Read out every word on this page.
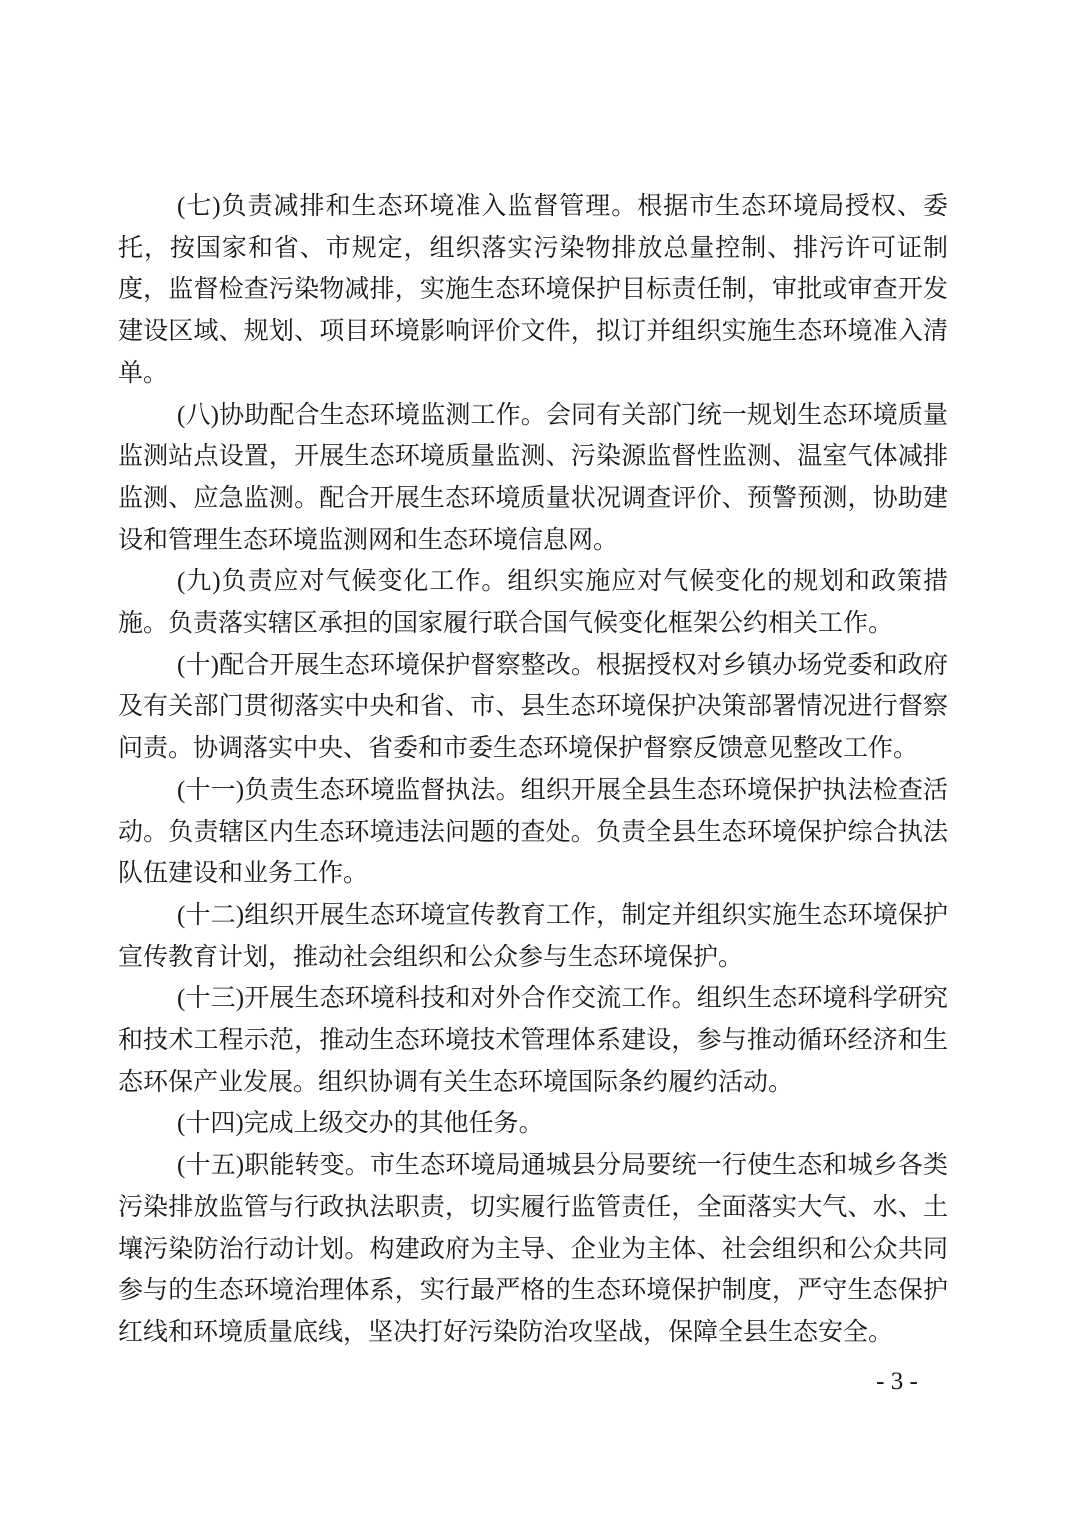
(七)负责减排和生态环境准入监督管理。根据市生态环境局授权、委托，按国家和省、市规定，组织落实污染物排放总量控制、排污许可证制度，监督检查污染物减排，实施生态环境保护目标责任制，审批或审查开发建设区域、规划、项目环境影响评价文件，拟订并组织实施生态环境准入清单。

(八)协助配合生态环境监测工作。会同有关部门统一规划生态环境质量监测站点设置，开展生态环境质量监测、污染源监督性监测、温室气体减排监测、应急监测。配合开展生态环境质量状况调查评价、预警预测，协助建设和管理生态环境监测网和生态环境信息网。

(九)负责应对气候变化工作。组织实施应对气候变化的规划和政策措施。负责落实辖区承担的国家履行联合国气候变化框架公约相关工作。

(十)配合开展生态环境保护督察整改。根据授权对乡镇办场党委和政府及有关部门贯彻落实中央和省、市、县生态环境保护决策部署情况进行督察问责。协调落实中央、省委和市委生态环境保护督察反馈意见整改工作。

(十一)负责生态环境监督执法。组织开展全县生态环境保护执法检查活动。负责辖区内生态环境违法问题的查处。负责全县生态环境保护综合执法队伍建设和业务工作。

(十二)组织开展生态环境宣传教育工作，制定并组织实施生态环境保护宣传教育计划，推动社会组织和公众参与生态环境保护。

(十三)开展生态环境科技和对外合作交流工作。组织生态环境科学研究和技术工程示范，推动生态环境技术管理体系建设，参与推动循环经济和生态环保产业发展。组织协调有关生态环境国际条约履约活动。

(十四)完成上级交办的其他任务。

(十五)职能转变。市生态环境局通城县分局要统一行使生态和城乡各类污染排放监管与行政执法职责，切实履行监管责任，全面落实大气、水、土壤污染防治行动计划。构建政府为主导、企业为主体、社会组织和公众共同参与的生态环境治理体系，实行最严格的生态环境保护制度，严守生态保护红线和环境质量底线，坚决打好污染防治攻坚战，保障全县生态安全。

- 3 -
